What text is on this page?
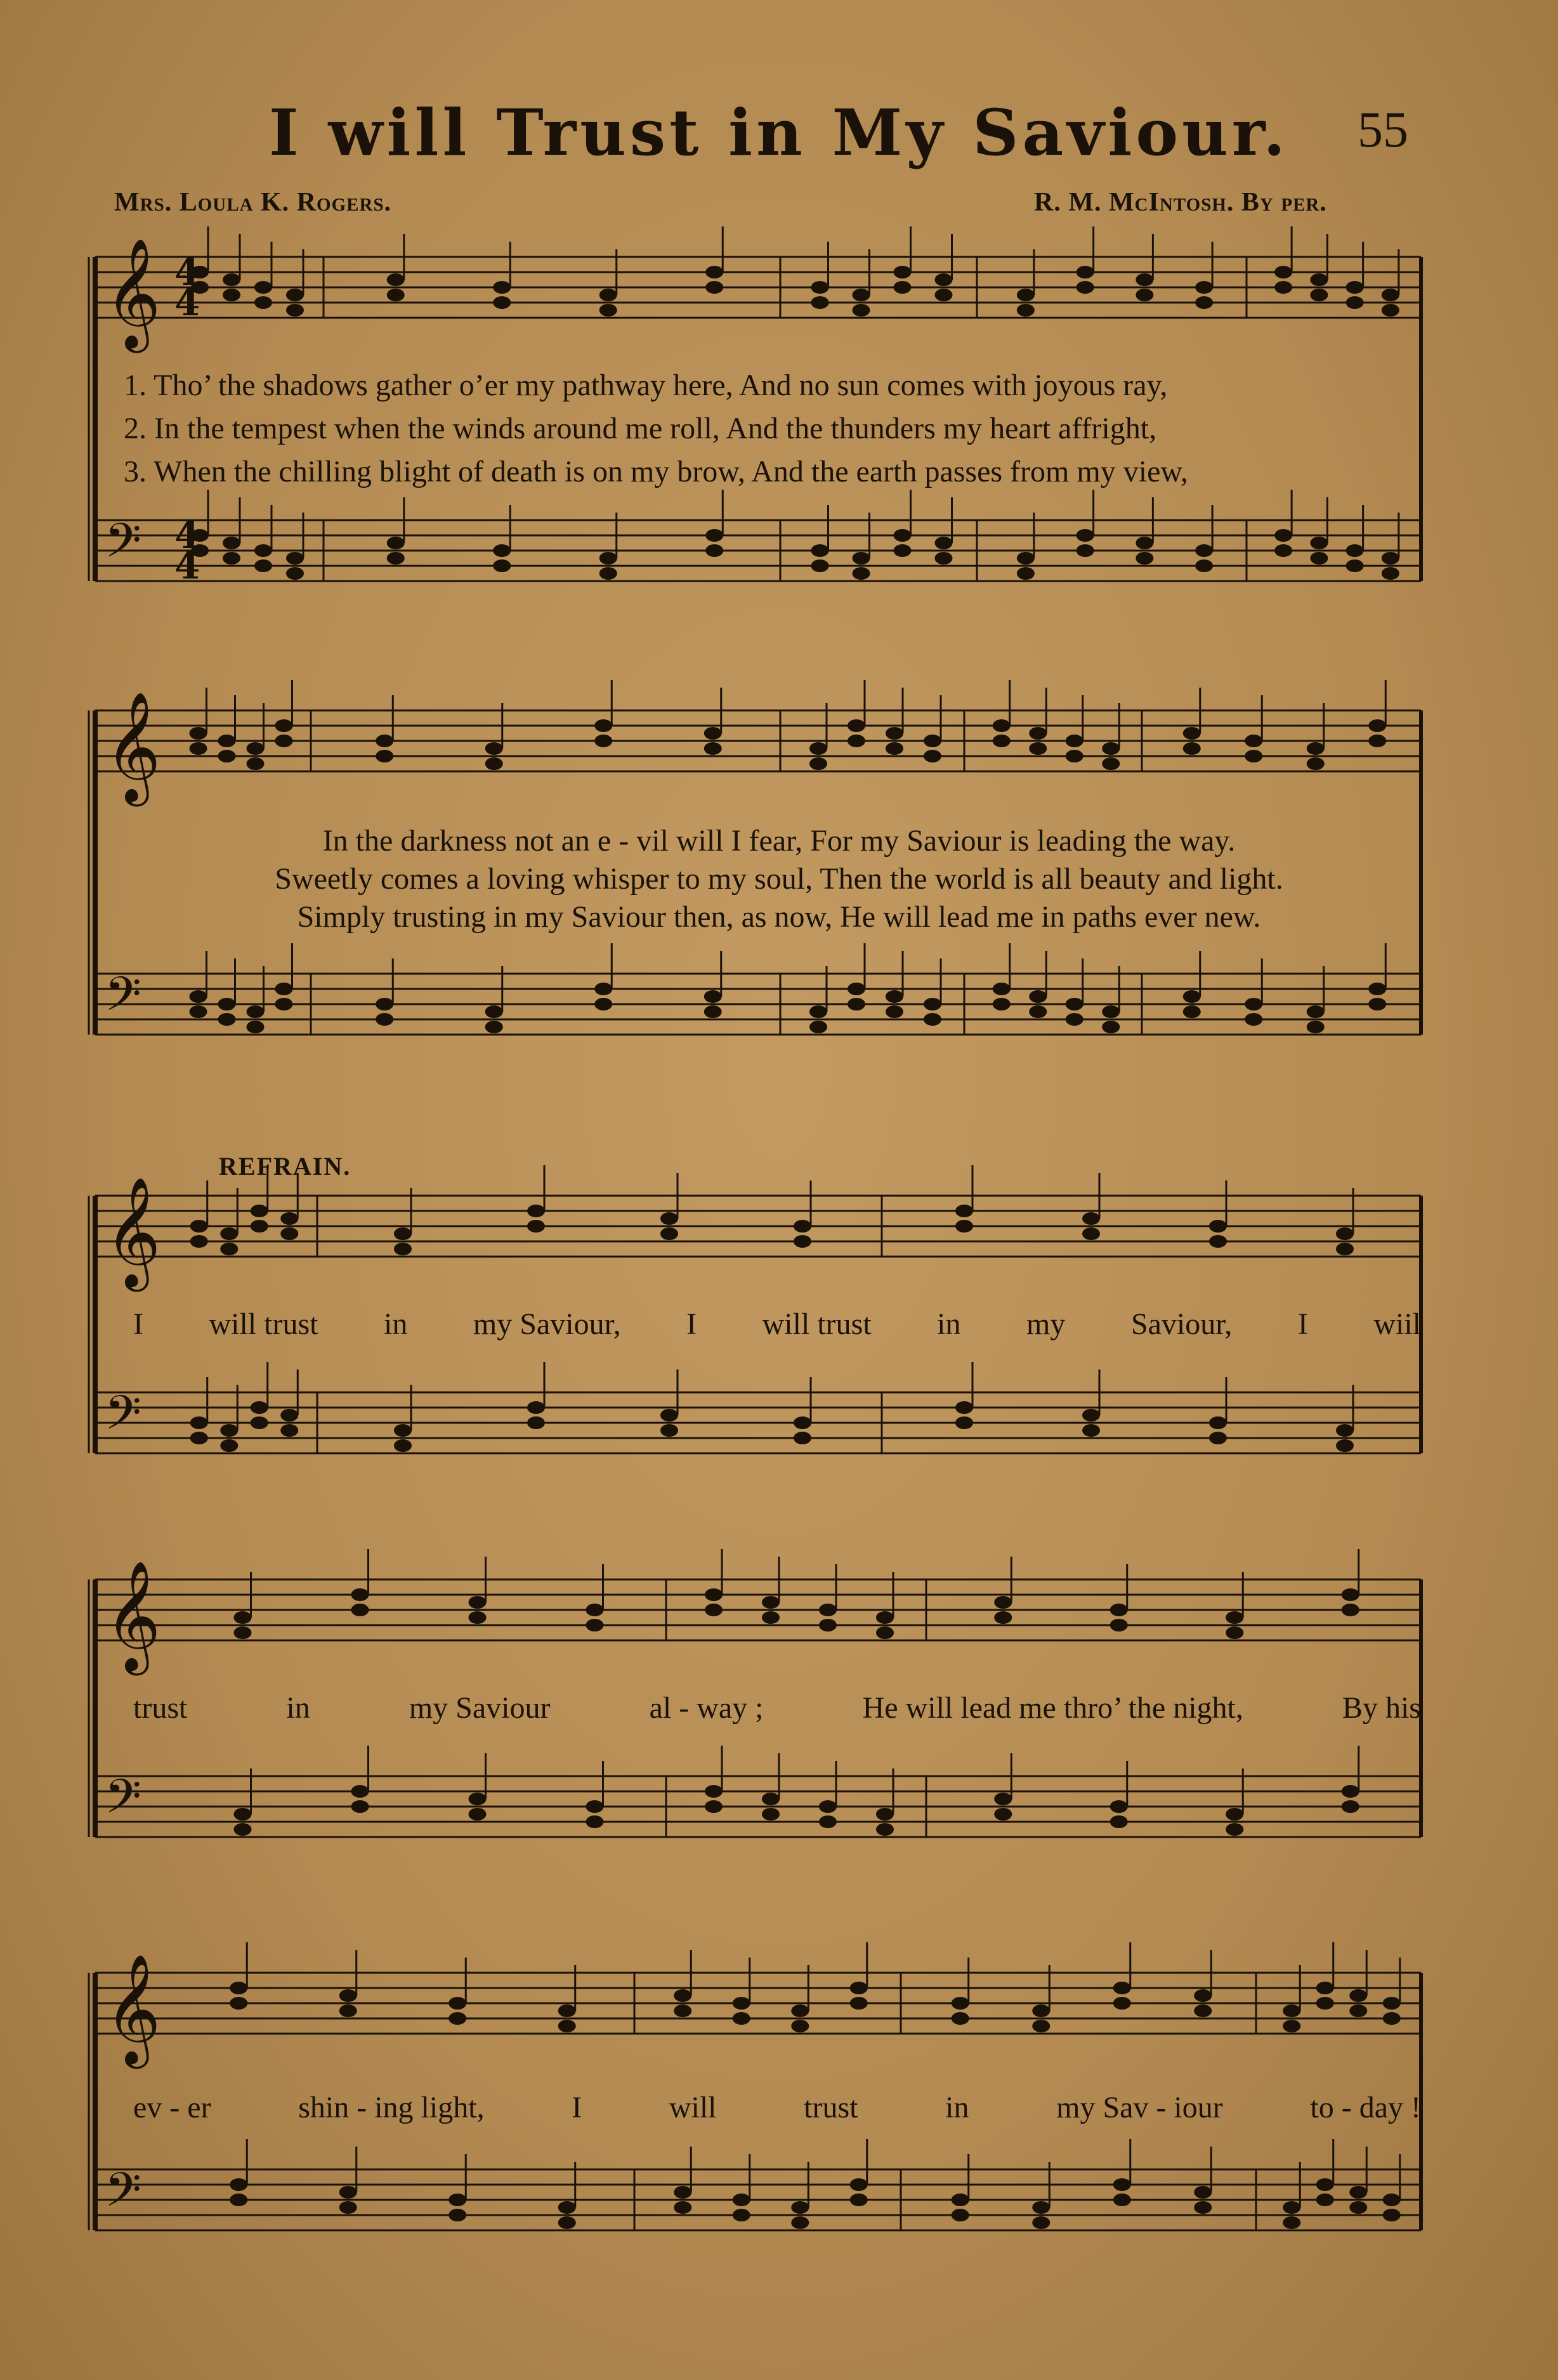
I will Trust in My Saviour.	55
Mrs. Loula K. Rogers.	R. M. McIntosh. By per.
𝄞
𝄢
𝄞
𝄢
𝄞
𝄢
𝄞
𝄢
𝄞
𝄢
4
4
4
4
1. Tho’ the shadows gather o’er my pathway here, And no sun comes with joyous ray,
2. In the tempest when the winds around me roll, And the thunders my heart affright,
3. When the chilling blight of death is on my brow, And the earth passes from my view,
In the darkness not an e - vil will I fear, For my Saviour is leading the way.
Sweetly comes a loving whisper to my soul, Then the world is all beauty and light.
Simply trusting in my Saviour then, as now, He will lead me in paths ever new.
REFRAIN.
I will trust in my Saviour, I will trust in my Saviour, I wiil
trust	in	my Saviour	al - way ;	He will lead me thro’ the night,	By his
ev - er	shin - ing light,	I	will	trust	in	my Sav - iour	to - day !
